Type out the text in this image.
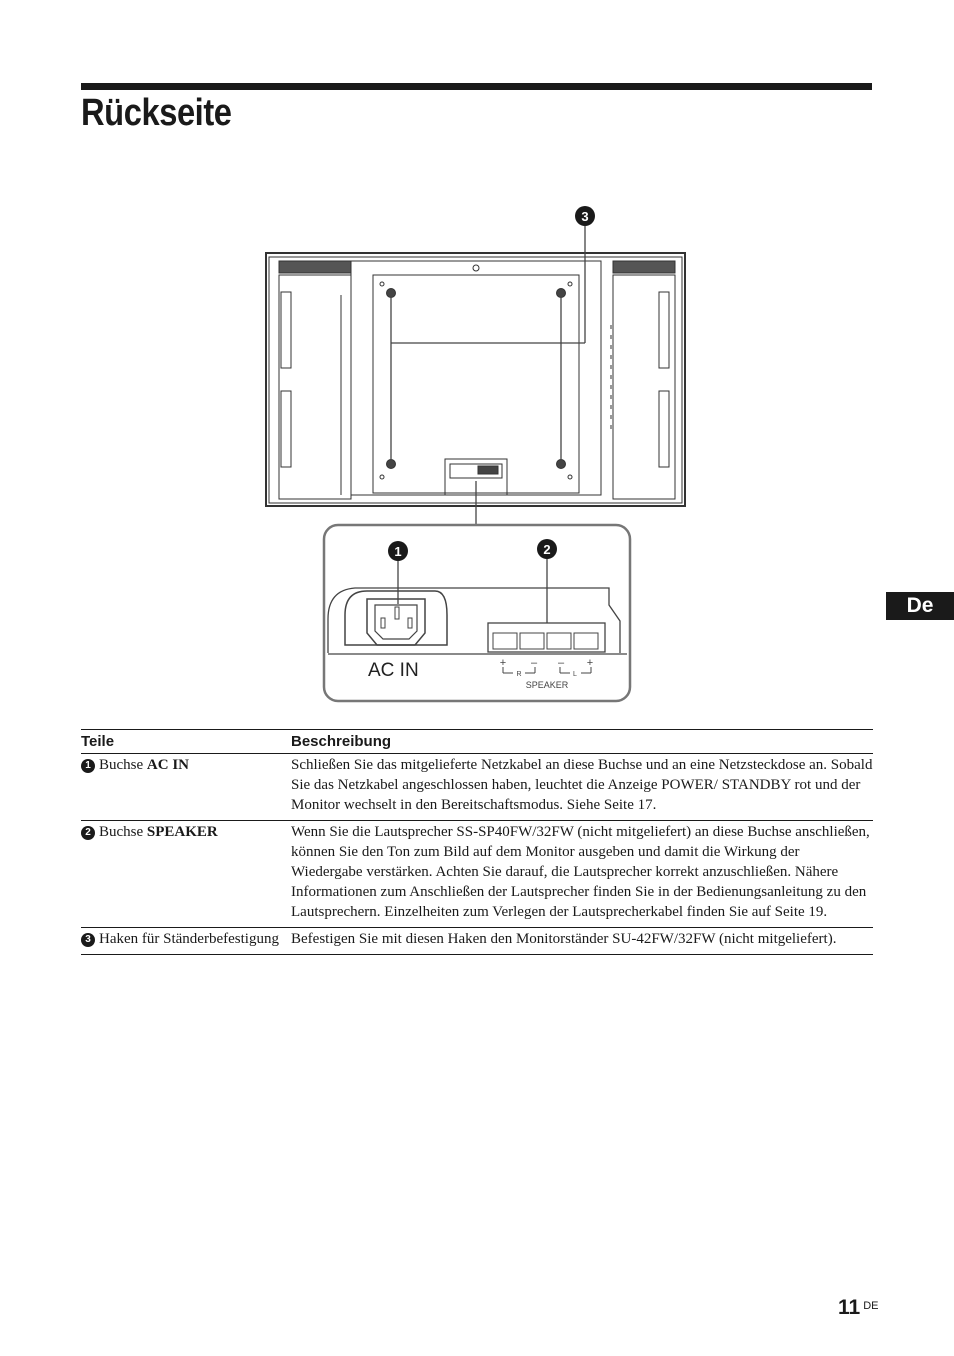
Rückseite
De
AC IN
SPEAKER
+ – – +
R	L
1	2
3
Teile	Beschreibung
1 Buchse AC IN	Schließen Sie das mitgelieferte Netzkabel an diese Buchse und an eine Netzsteckdose an. Sobald Sie das Netzkabel angeschlossen haben, leuchtet die Anzeige POWER/ STANDBY rot und der Monitor wechselt in den Bereitschaftsmodus. Siehe Seite 17.
2 Buchse SPEAKER	Wenn Sie die Lautsprecher SS-SP40FW/32FW (nicht mitgeliefert) an diese Buchse anschließen, können Sie den Ton zum Bild auf dem Monitor ausgeben und damit die Wirkung der Wiedergabe verstärken. Achten Sie darauf, die Lautsprecher korrekt anzuschließen. Nähere Informationen zum Anschließen der Lautsprecher finden Sie in der Bedienungsanleitung zu den Lautsprechern. Einzelheiten zum Verlegen der Lautsprecherkabel finden Sie auf Seite 19.
3 Haken für Ständerbefestigung	Befestigen Sie mit diesen Haken den Monitorständer SU-42FW/32FW (nicht mitgeliefert).
11 $^{DE}$
